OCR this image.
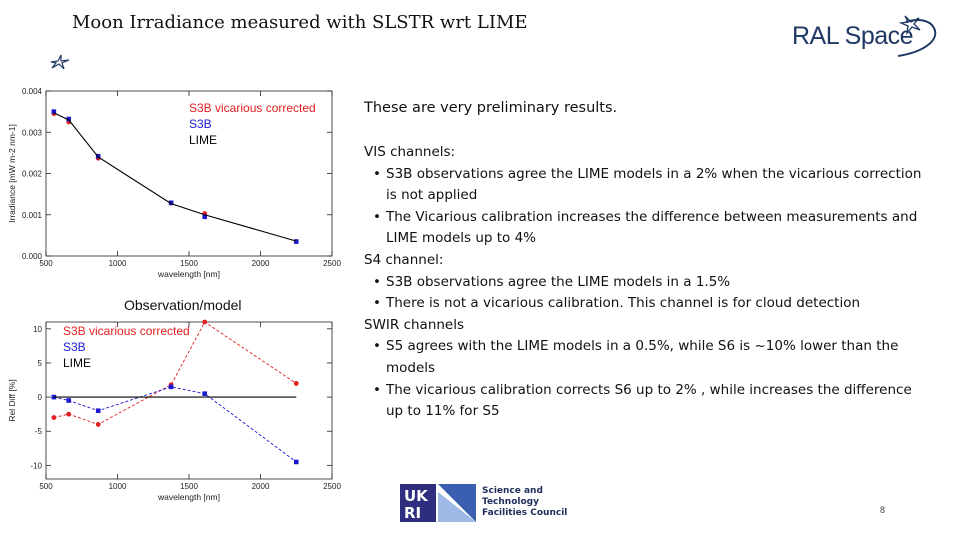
Moon Irradiance measured with SLSTR wrt LIME	RAL Space
500	1000	1500	2000	2500
0.000
0.001
0.002
0.003
0.004
wavelength [nm]
Irradiance [mW m-2 nm-1]
S3B vicarious corrected
S3B
LIME
Observation/model
500	1000	1500	2000	2500
-10
-5
0
5
10
wavelength [nm]
Rel Diff [%]
S3B vicarious corrected
S3B
LIME
These are very preliminary results.
VIS channels:
• S3B observations agree the LIME models in a 2% when the vicarious correction is not applied
• The Vicarious calibration increases the difference between measurements and LIME models up to 4%
S4 channel:
• S3B observations agree the LIME models in a 1.5%
• There is not a vicarious calibration. This channel is for cloud detection
SWIR channels
• S5 agrees with the LIME models in a 0.5%, while S6 is ~10% lower than the models
• The vicarious calibration corrects S6 up to 2% , while increases the difference up to 11% for S5
UK
RI
Science and
Technology
Facilities Council	8
